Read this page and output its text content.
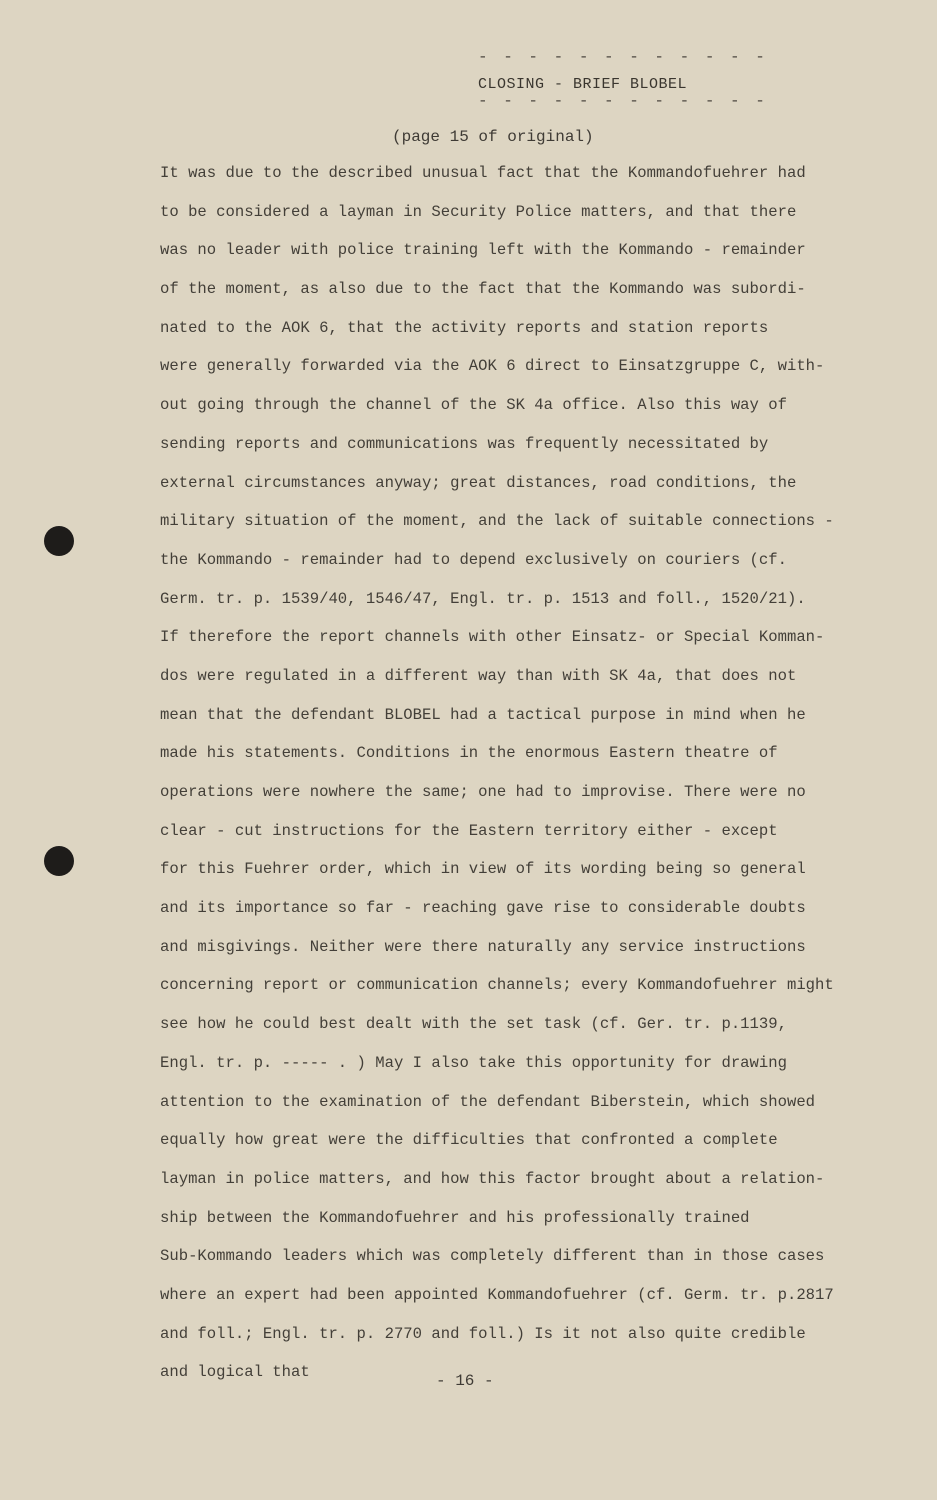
- - - - - - - - - - - -
CLOSING - BRIEF BLOBEL
- - - - - - - - - - - -
(page 15 of original)
It was due to the described unusual fact that the Kommandofuehrer had
to be considered a layman in Security Police matters, and that there
was no leader with police training left with the Kommando - remainder
of the moment, as also due to the fact that the Kommando was subordi-
nated to the AOK 6, that the activity reports and station reports
were generally forwarded via the AOK 6 direct to Einsatzgruppe C, with-
out going through the channel of the SK 4a office. Also this way of
sending reports and communications was frequently necessitated by
external circumstances anyway; great distances, road conditions, the
military situation of the moment, and the lack of suitable connections -
the Kommando - remainder had to depend exclusively on couriers (cf.
Germ. tr. p. 1539/40, 1546/47, Engl. tr. p. 1513 and foll., 1520/21).
If therefore the report channels with other Einsatz- or Special Komman-
dos were regulated in a different way than with SK 4a, that does not
mean that the defendant BLOBEL had a tactical purpose in mind when he
made his statements. Conditions in the enormous Eastern theatre of
operations were nowhere the same; one had to improvise. There were no
clear - cut instructions for the Eastern territory either - except
for this Fuehrer order, which in view of its wording being so general
and its importance so far - reaching gave rise to considerable doubts
and misgivings. Neither were there naturally any service instructions
concerning report or communication channels; every Kommandofuehrer might
see how he could best dealt with the set task (cf. Ger. tr. p.1139,
Engl. tr. p. ----- . ) May I also take this opportunity for drawing
attention to the examination of the defendant Biberstein, which showed
equally how great were the difficulties that confronted a complete
layman in police matters, and how this factor brought about a relation-
ship between the Kommandofuehrer and his professionally trained
Sub-Kommando leaders which was completely different than in those cases
where an expert had been appointed Kommandofuehrer (cf. Germ. tr. p.2817
and foll.; Engl. tr. p. 2770 and foll.) Is it not also quite credible
and logical that	- 16 -
